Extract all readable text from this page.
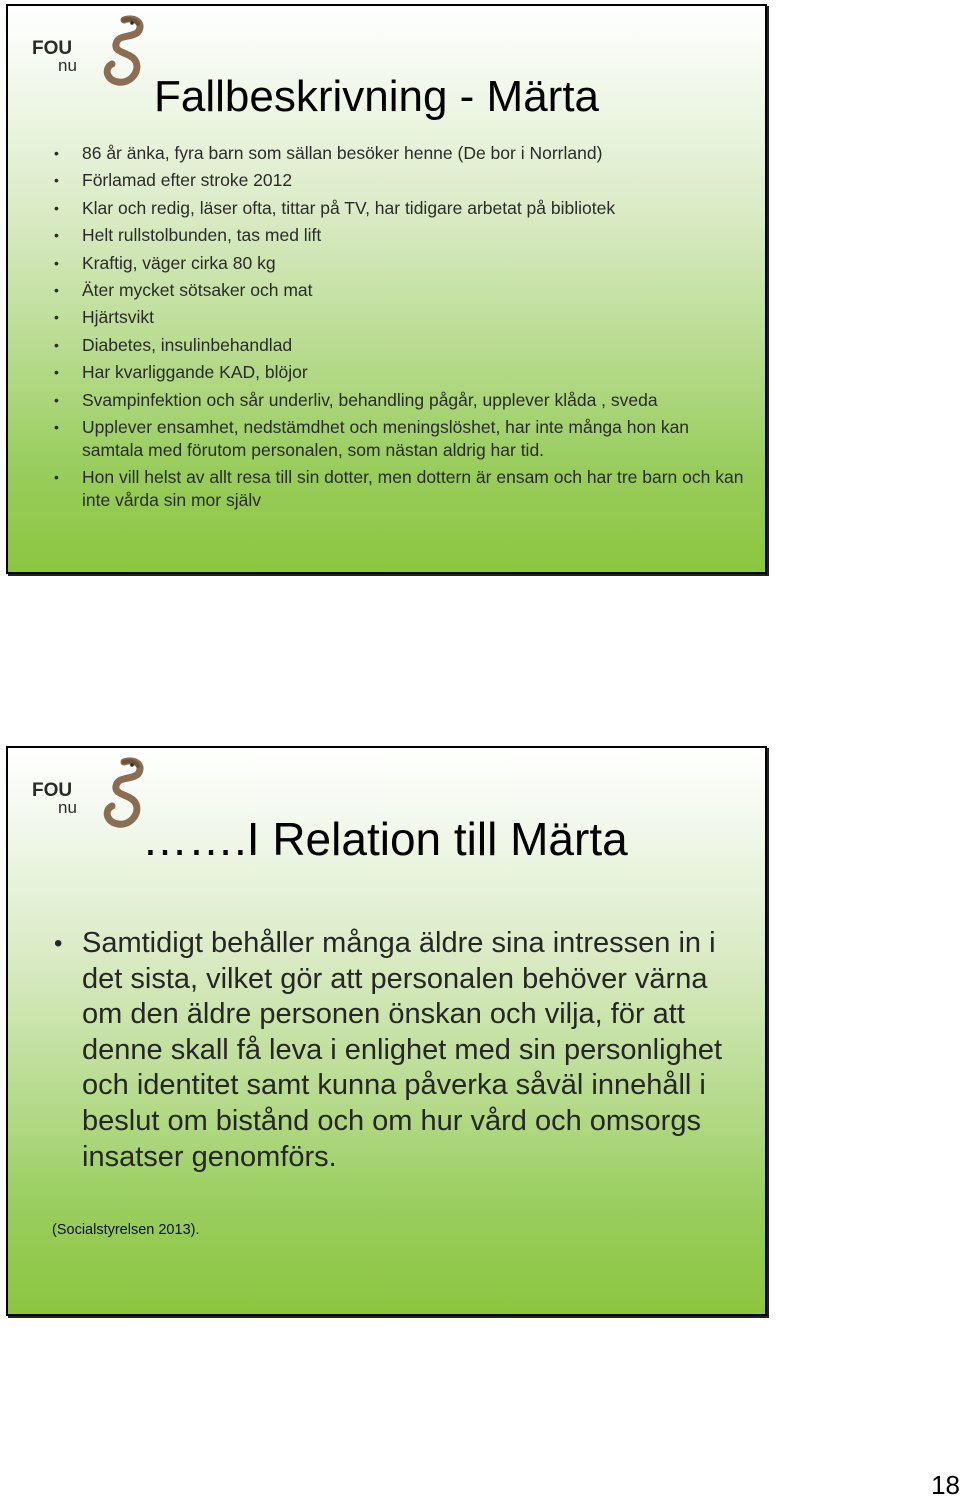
FOU
nu
Fallbeskrivning - Märta
• 86 år änka, fyra barn som sällan besöker henne (De bor i Norrland)
• Förlamad efter stroke 2012
• Klar och redig, läser ofta, tittar på TV, har tidigare arbetat på bibliotek
• Helt rullstolbunden, tas med lift
• Kraftig, väger cirka 80 kg
• Äter mycket sötsaker och mat
• Hjärtsvikt
• Diabetes, insulinbehandlad
• Har kvarliggande KAD, blöjor
• Svampinfektion och sår underliv, behandling pågår, upplever klåda , sveda
• Upplever ensamhet, nedstämdhet och meningslöshet, har inte många hon kan samtala med förutom personalen, som nästan aldrig har tid.
• Hon vill helst av allt resa till sin dotter, men dottern är ensam och har tre barn och kan inte vårda sin mor själv
FOU
nu
…….I Relation till Märta
• Samtidigt behåller många äldre sina intressen in i det sista, vilket gör att personalen behöver värna om den äldre personen önskan och vilja, för att denne skall få leva i enlighet med sin personlighet och identitet samt kunna påverka såväl innehåll i beslut om bistånd och om hur vård och omsorgs insatser genomförs.
(Socialstyrelsen 2013).
18
